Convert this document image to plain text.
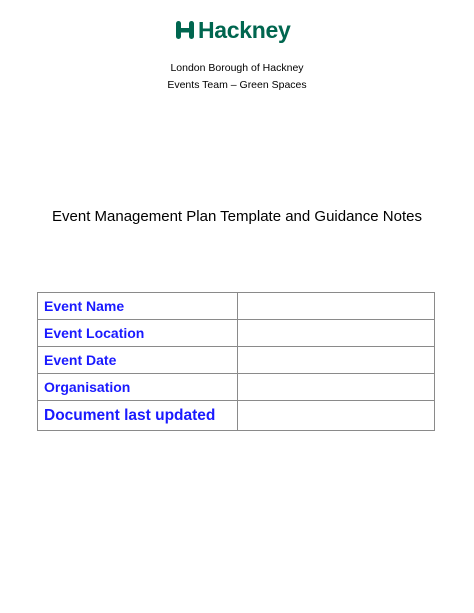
Hackney
London Borough of Hackney
Events Team – Green Spaces
Event Management Plan Template and Guidance Notes
Event Name	
Event Location	
Event Date	
Organisation	
Document last updated	
